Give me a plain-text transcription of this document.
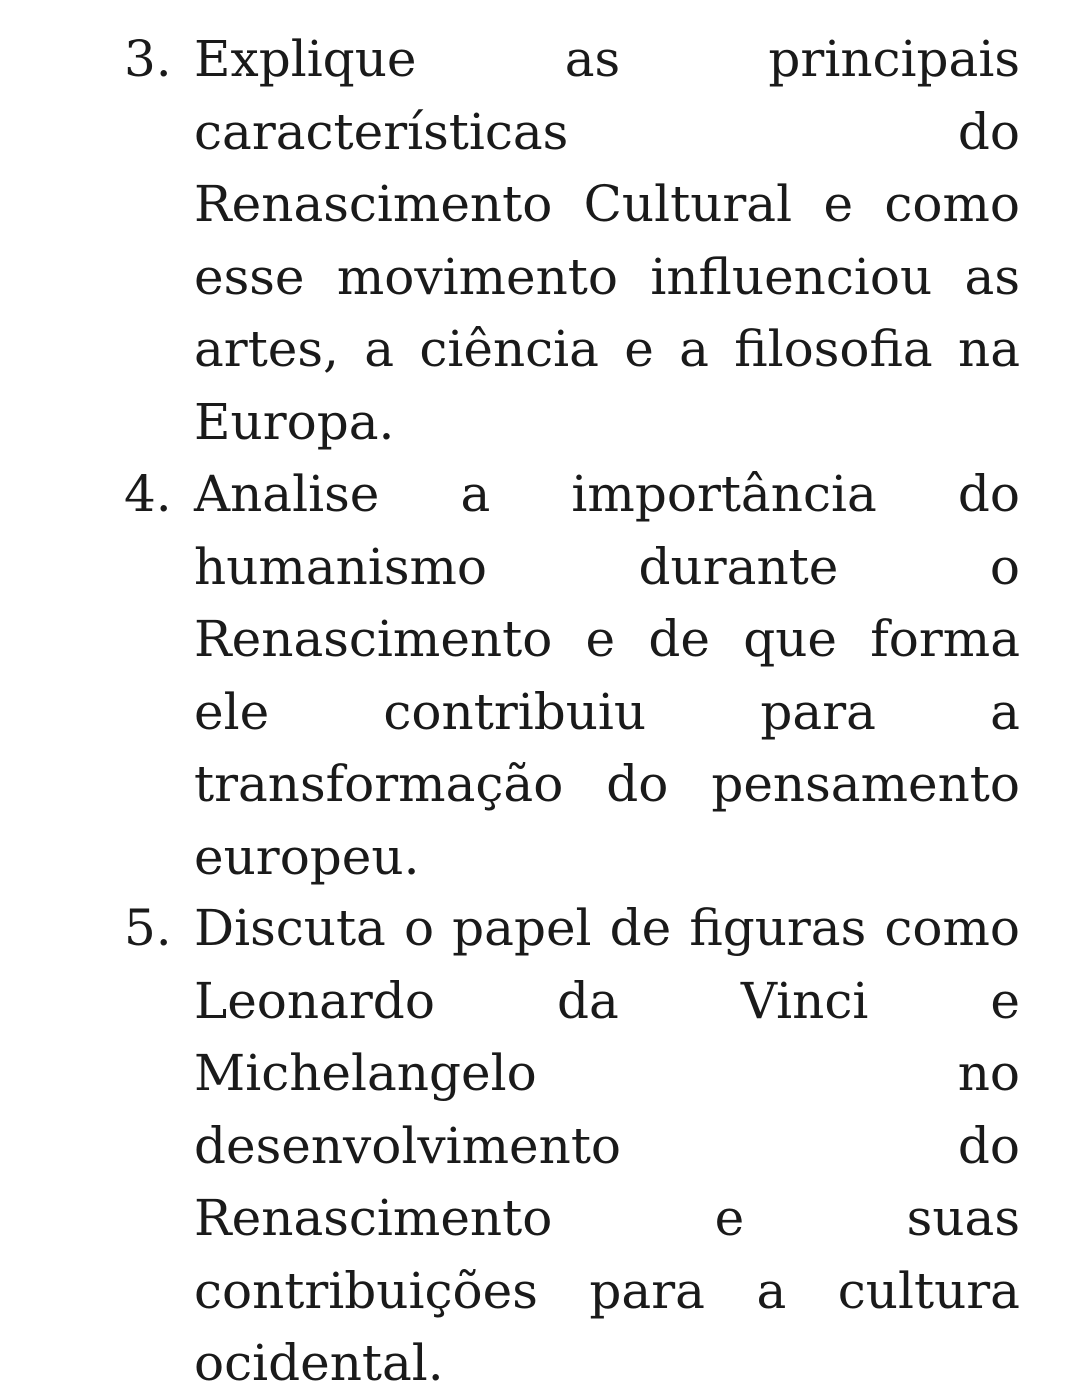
3. Explique as principais características do Renascimento Cultural e como esse movimento influenciou as artes, a ciência e a filosofia na Europa.
4. Analise a importância do humanismo durante o Renascimento e de que forma ele contribuiu para a transformação do pensamento europeu.
5. Discuta o papel de figuras como Leonardo da Vinci e Michelangelo no desenvolvimento do Renascimento e suas contribuições para a cultura ocidental.
